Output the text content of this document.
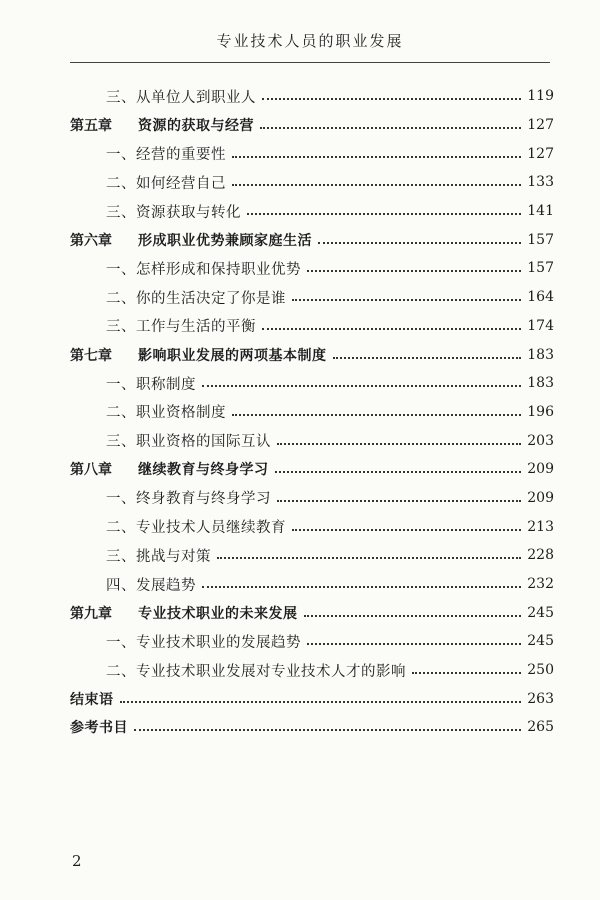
专业技术人员的职业发展
三、从单位人到职业人	119
第五章	资源的获取与经营	127
一、经营的重要性	127
二、如何经营自己	133
三、资源获取与转化	141
第六章	形成职业优势兼顾家庭生活	157
一、怎样形成和保持职业优势	157
二、你的生活决定了你是谁	164
三、工作与生活的平衡	174
第七章	影响职业发展的两项基本制度	183
一、职称制度	183
二、职业资格制度	196
三、职业资格的国际互认	203
第八章	继续教育与终身学习	209
一、终身教育与终身学习	209
二、专业技术人员继续教育	213
三、挑战与对策	228
四、发展趋势	232
第九章	专业技术职业的未来发展	245
一、专业技术职业的发展趋势	245
二、专业技术职业发展对专业技术人才的影响	250
结束语	263
参考书目	265
2
